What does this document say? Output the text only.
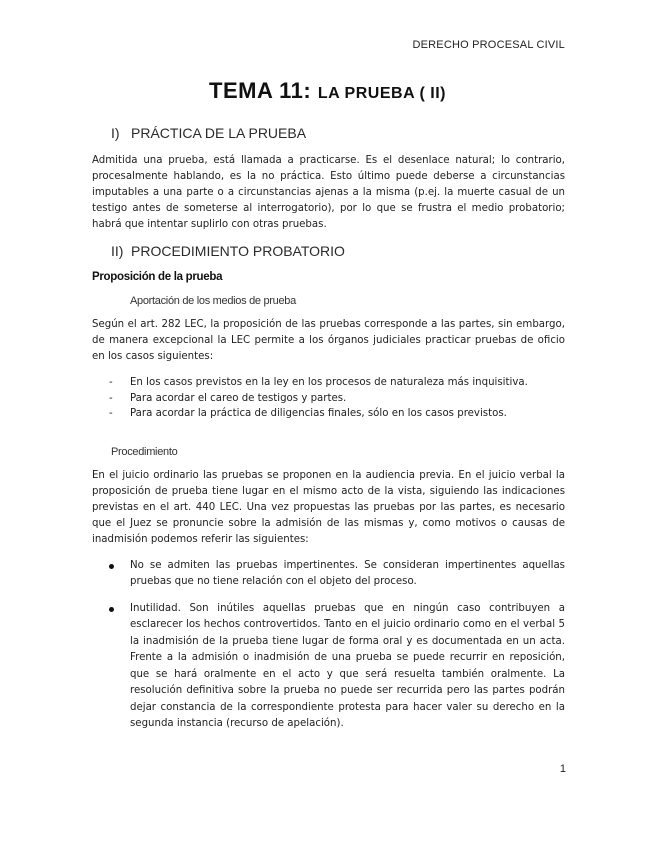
DERECHO PROCESAL CIVIL
TEMA 11: LA PRUEBA ( II)
I) PRÁCTICA DE LA PRUEBA

Admitida una prueba, está llamada a practicarse. Es el desenlace natural; lo contrario, procesalmente hablando, es la no práctica. Esto último puede deberse a circunstancias imputables a una parte o a circunstancias ajenas a la misma (p.ej. la muerte casual de un testigo antes de someterse al interrogatorio), por lo que se frustra el medio probatorio; habrá que intentar suplirlo con otras pruebas.

II) PROCEDIMIENTO PROBATORIO
Proposición de la prueba
Aportación de los medios de prueba

Según el art. 282 LEC, la proposición de las pruebas corresponde a las partes, sin embargo, de manera excepcional la LEC permite a los órganos judiciales practicar pruebas de oficio en los casos siguientes:

-	En los casos previstos en la ley en los procesos de naturaleza más inquisitiva.
-	Para acordar el careo de testigos y partes.
-	Para acordar la práctica de diligencias finales, sólo en los casos previstos.
Procedimiento

En el juicio ordinario las pruebas se proponen en la audiencia previa. En el juicio verbal la proposición de prueba tiene lugar en el mismo acto de la vista, siguiendo las indicaciones previstas en el art. 440 LEC. Una vez propuestas las pruebas por las partes, es necesario que el Juez se pronuncie sobre la admisión de las mismas y, como motivos o causas de inadmisión podemos referir las siguientes:

No se admiten las pruebas impertinentes. Se consideran impertinentes aquellas pruebas que no tiene relación con el objeto del proceso.
Inutilidad. Son inútiles aquellas pruebas que en ningún caso contribuyen a esclarecer los hechos controvertidos. Tanto en el juicio ordinario como en el verbal 5 la inadmisión de la prueba tiene lugar de forma oral y es documentada en un acta. Frente a la admisión o inadmisión de una prueba se puede recurrir en reposición, que se hará oralmente en el acto y que será resuelta también oralmente. La resolución definitiva sobre la prueba no puede ser recurrida pero las partes podrán dejar constancia de la correspondiente protesta para hacer valer su derecho en la segunda instancia (recurso de apelación).
1
